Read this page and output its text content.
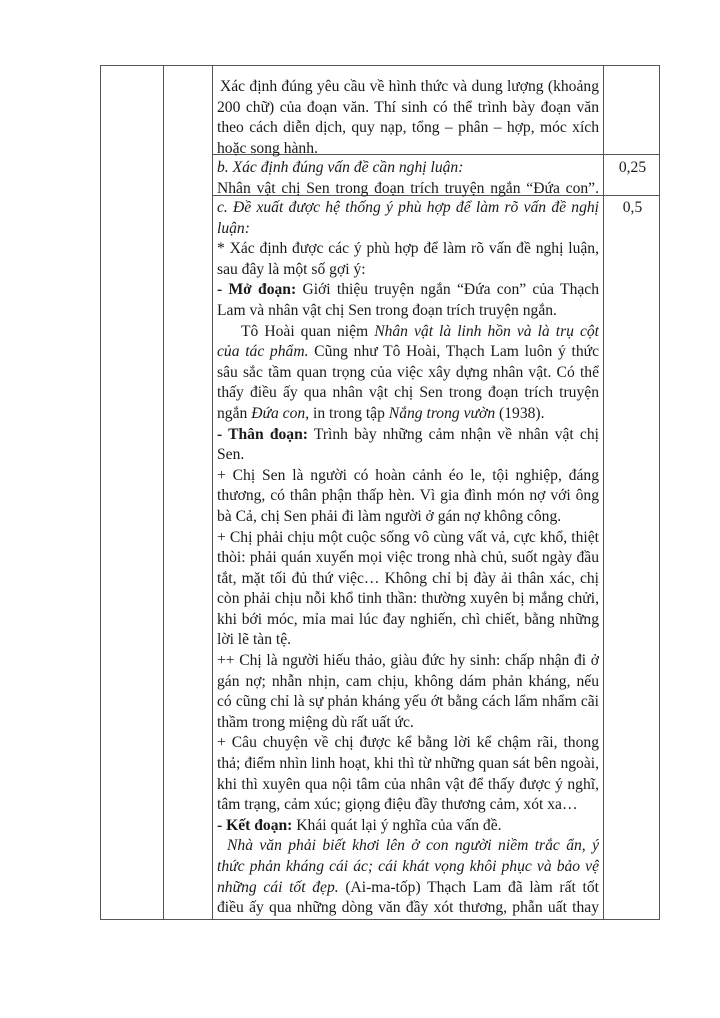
Xác định đúng yêu cầu về hình thức và dung lượng (khoảng
200 chữ) của đoạn văn. Thí sinh có thể trình bày đoạn văn
theo cách diễn dịch, quy nạp, tổng – phân – hợp, móc xích
hoặc song hành.
b. Xác định đúng vấn đề cần nghị luận:
Nhân vật chị Sen trong đoạn trích truyện ngắn “Đứa con”.
0,25
c. Đề xuất được hệ thống ý phù hợp để làm rõ vấn đề nghị
luận:
* Xác định được các ý phù hợp để làm rõ vấn đề nghị luận,
sau đây là một số gợi ý:
- Mở đoạn: Giới thiệu truyện ngắn “Đứa con” của Thạch
Lam và nhân vật chị Sen trong đoạn trích truyện ngắn.
Tô Hoài quan niệm Nhân vật là linh hồn và là trụ cột
của tác phẩm. Cũng như Tô Hoài, Thạch Lam luôn ý thức
sâu sắc tầm quan trọng của việc xây dựng nhân vật. Có thể
thấy điều ấy qua nhân vật chị Sen trong đoạn trích truyện
ngắn Đứa con, in trong tập Nắng trong vườn (1938).
- Thân đoạn: Trình bày những cảm nhận về nhân vật chị
Sen.
+ Chị Sen là người có hoàn cảnh éo le, tội nghiệp, đáng
thương, có thân phận thấp hèn. Vì gia đình món nợ với ông
bà Cả, chị Sen phải đi làm người ở gán nợ không công.
+ Chị phải chịu một cuộc sống vô cùng vất vả, cực khổ, thiệt
thòi: phải quán xuyến mọi việc trong nhà chủ, suốt ngày đầu
tắt, mặt tối đủ thứ việc… Không chỉ bị đày ải thân xác, chị
còn phải chịu nỗi khổ tinh thần: thường xuyên bị mắng chửi,
khi bới móc, mỉa mai lúc đay nghiến, chì chiết, bằng những
lời lẽ tàn tệ.
++ Chị là người hiếu thảo, giàu đức hy sinh: chấp nhận đi ở
gán nợ; nhẫn nhịn, cam chịu, không dám phản kháng, nếu
có cũng chỉ là sự phản kháng yếu ớt bằng cách lẩm nhẩm cãi
thầm trong miệng dù rất uất ức.
+ Câu chuyện về chị được kể bằng lời kể chậm rãi, thong
thả; điểm nhìn linh hoạt, khi thì từ những quan sát bên ngoài,
khi thì xuyên qua nội tâm của nhân vật để thấy được ý nghĩ,
tâm trạng, cảm xúc; giọng điệu đầy thương cảm, xót xa…
- Kết đoạn: Khái quát lại ý nghĩa của vấn đề.
Nhà văn phải biết khơi lên ở con người niềm trắc ẩn, ý
thức phản kháng cái ác; cái khát vọng khôi phục và bảo vệ
những cái tốt đẹp. (Ai-ma-tốp) Thạch Lam đã làm rất tốt
điều ấy qua những dòng văn đầy xót thương, phẫn uất thay
0,5
